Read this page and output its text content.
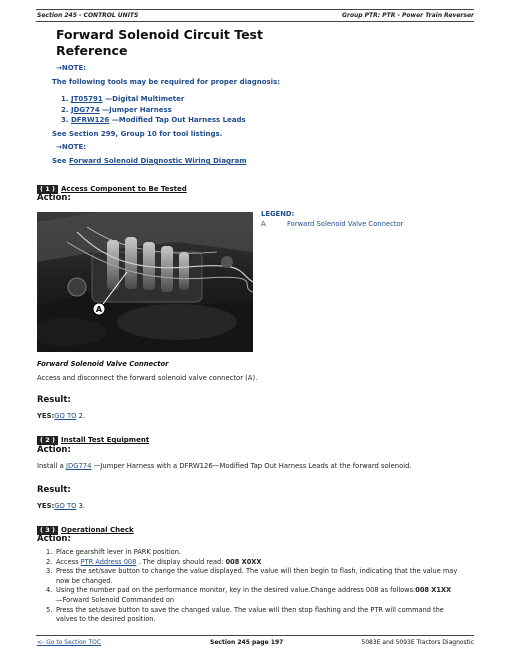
Section 245 - CONTROL UNITS	Group PTR: PTR - Power Train Reverser
Forward Solenoid Circuit Test
Reference
→NOTE:
The following tools may be required for proper diagnosis:
1. JT05791 —Digital Multimeter
2. JDG774 —Jumper Harness
3. DFRW126 —Modified Tap Out Harness Leads
See Section 299, Group 10 for tool listings.
→NOTE:
See Forward Solenoid Diagnostic Wiring Diagram
( 1 ) Access Component to Be Tested
Action:
LEGEND:
A	Forward Solenoid Valve Connector
A
Forward Solenoid Valve Connector
Access and disconnect the forward solenoid valve connector (A).
Result:
YES:GO TO 2.
( 2 ) Install Test Equipment
Action:
Install a JDG774 —Jumper Harness with a DFRW126—Modified Tap Out Harness Leads at the forward solenoid.
Result:
YES:GO TO 3.
( 3 ) Operational Check
Action:
1. Place gearshift lever in PARK position.
2. Access PTR Address 008 . The display should read: 008 X0XX
3. Press the set/save button to change the value displayed. The value will then begin to flash, indicating that the value may
now be changed.
4. Using the number pad on the performance monitor, key in the desired value.Change address 008 as follows:008 X1XX
—Forward Solenoid Commanded on
5. Press the set/save button to save the changed value. The value will then stop flashing and the PTR will command the
valves to the desired position.
<- Go to Section TOC	Section 245 page 197	5083E and 5093E Tractors Diagnostic
